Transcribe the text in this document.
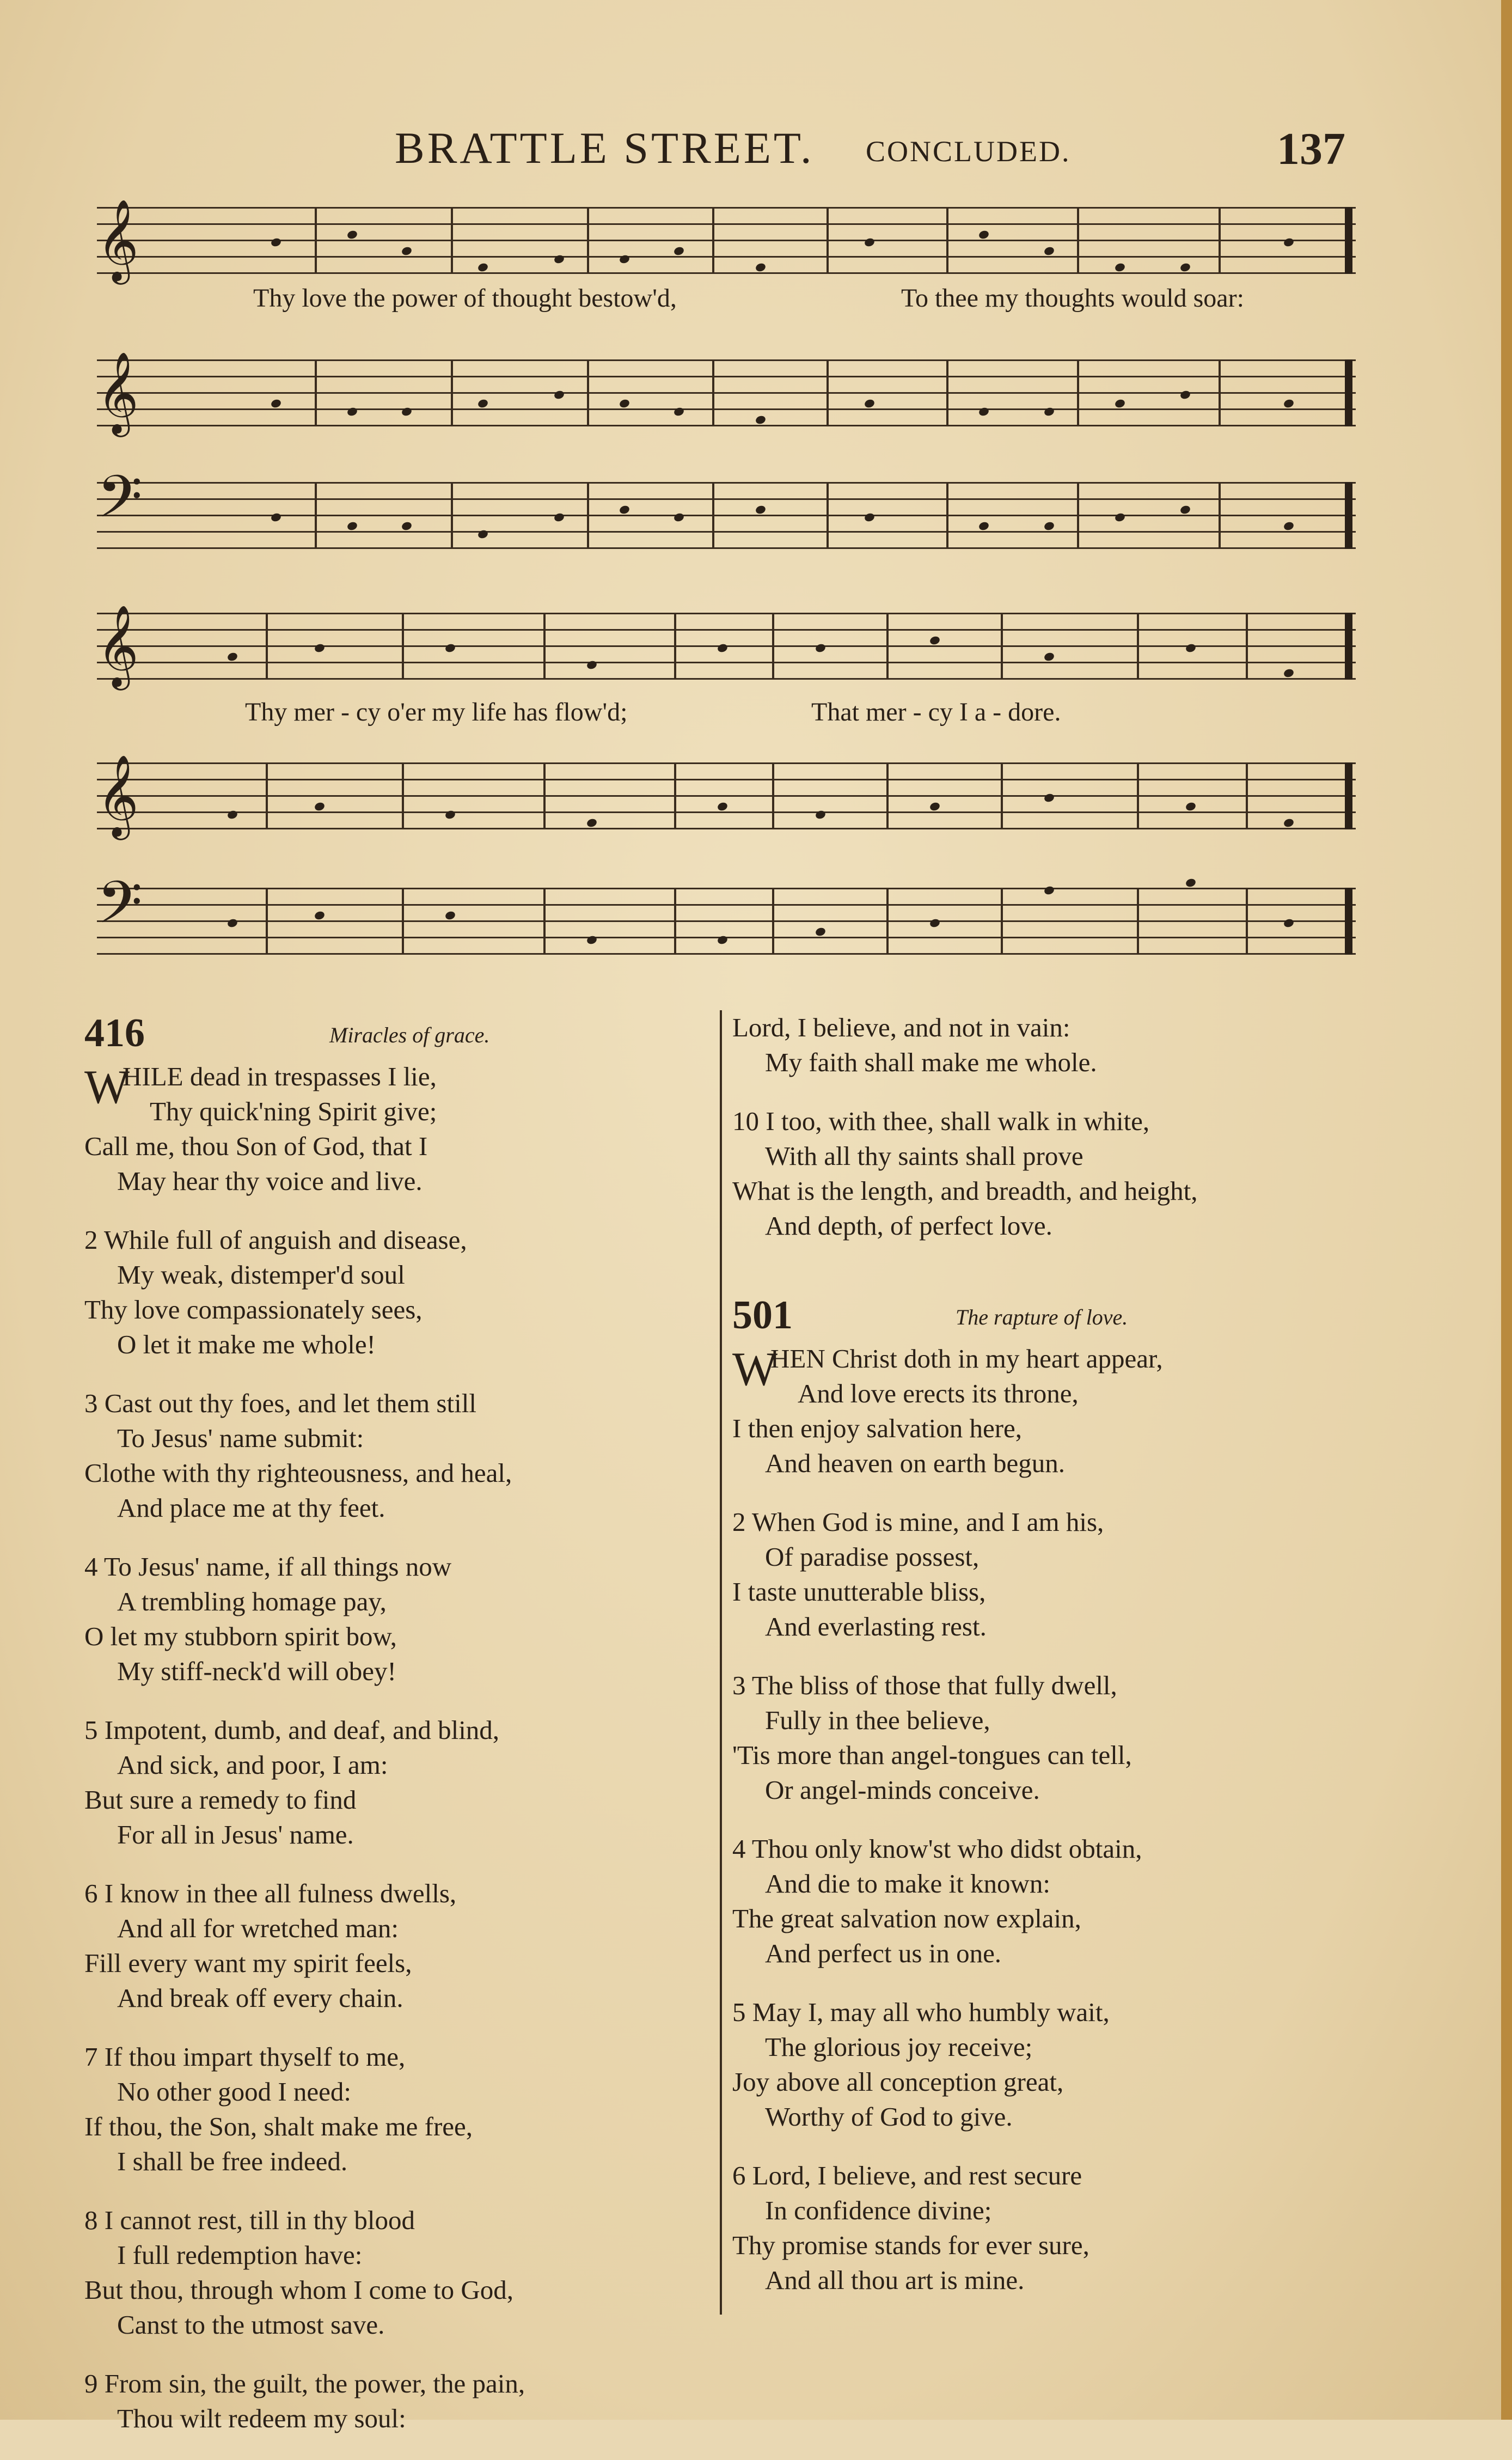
BRATTLE STREET. CONCLUDED.	137
𝄞
Thy love the power of thought bestow'd,	To thee my thoughts would soar:
𝄞
𝄢
𝄞
Thy mer - cy o'er my life has flow'd;	That mer - cy I a - dore.
𝄞
𝄢
416	Miracles of grace.
W
HILE dead in trespasses I lie,
Thy quick'ning Spirit give;
Call me, thou Son of God, that I
May hear thy voice and live.
2 While full of anguish and disease,
My weak, distemper'd soul
Thy love compassionately sees,
O let it make me whole!
3 Cast out thy foes, and let them still
To Jesus' name submit:
Clothe with thy righteousness, and heal,
And place me at thy feet.
4 To Jesus' name, if all things now
A trembling homage pay,
O let my stubborn spirit bow,
My stiff-neck'd will obey!
5 Impotent, dumb, and deaf, and blind,
And sick, and poor, I am:
But sure a remedy to find
For all in Jesus' name.
6 I know in thee all fulness dwells,
And all for wretched man:
Fill every want my spirit feels,
And break off every chain.
7 If thou impart thyself to me,
No other good I need:
If thou, the Son, shalt make me free,
I shall be free indeed.
8 I cannot rest, till in thy blood
I full redemption have:
But thou, through whom I come to God,
Canst to the utmost save.
9 From sin, the guilt, the power, the pain,
Thou wilt redeem my soul:
Lord, I believe, and not in vain:
My faith shall make me whole.
10 I too, with thee, shall walk in white,
With all thy saints shall prove
What is the length, and breadth, and height,
And depth, of perfect love.
501	The rapture of love.
W
HEN Christ doth in my heart appear,
And love erects its throne,
I then enjoy salvation here,
And heaven on earth begun.
2 When God is mine, and I am his,
Of paradise possest,
I taste unutterable bliss,
And everlasting rest.
3 The bliss of those that fully dwell,
Fully in thee believe,
'Tis more than angel-tongues can tell,
Or angel-minds conceive.
4 Thou only know'st who didst obtain,
And die to make it known:
The great salvation now explain,
And perfect us in one.
5 May I, may all who humbly wait,
The glorious joy receive;
Joy above all conception great,
Worthy of God to give.
6 Lord, I believe, and rest secure
In confidence divine;
Thy promise stands for ever sure,
And all thou art is mine.
